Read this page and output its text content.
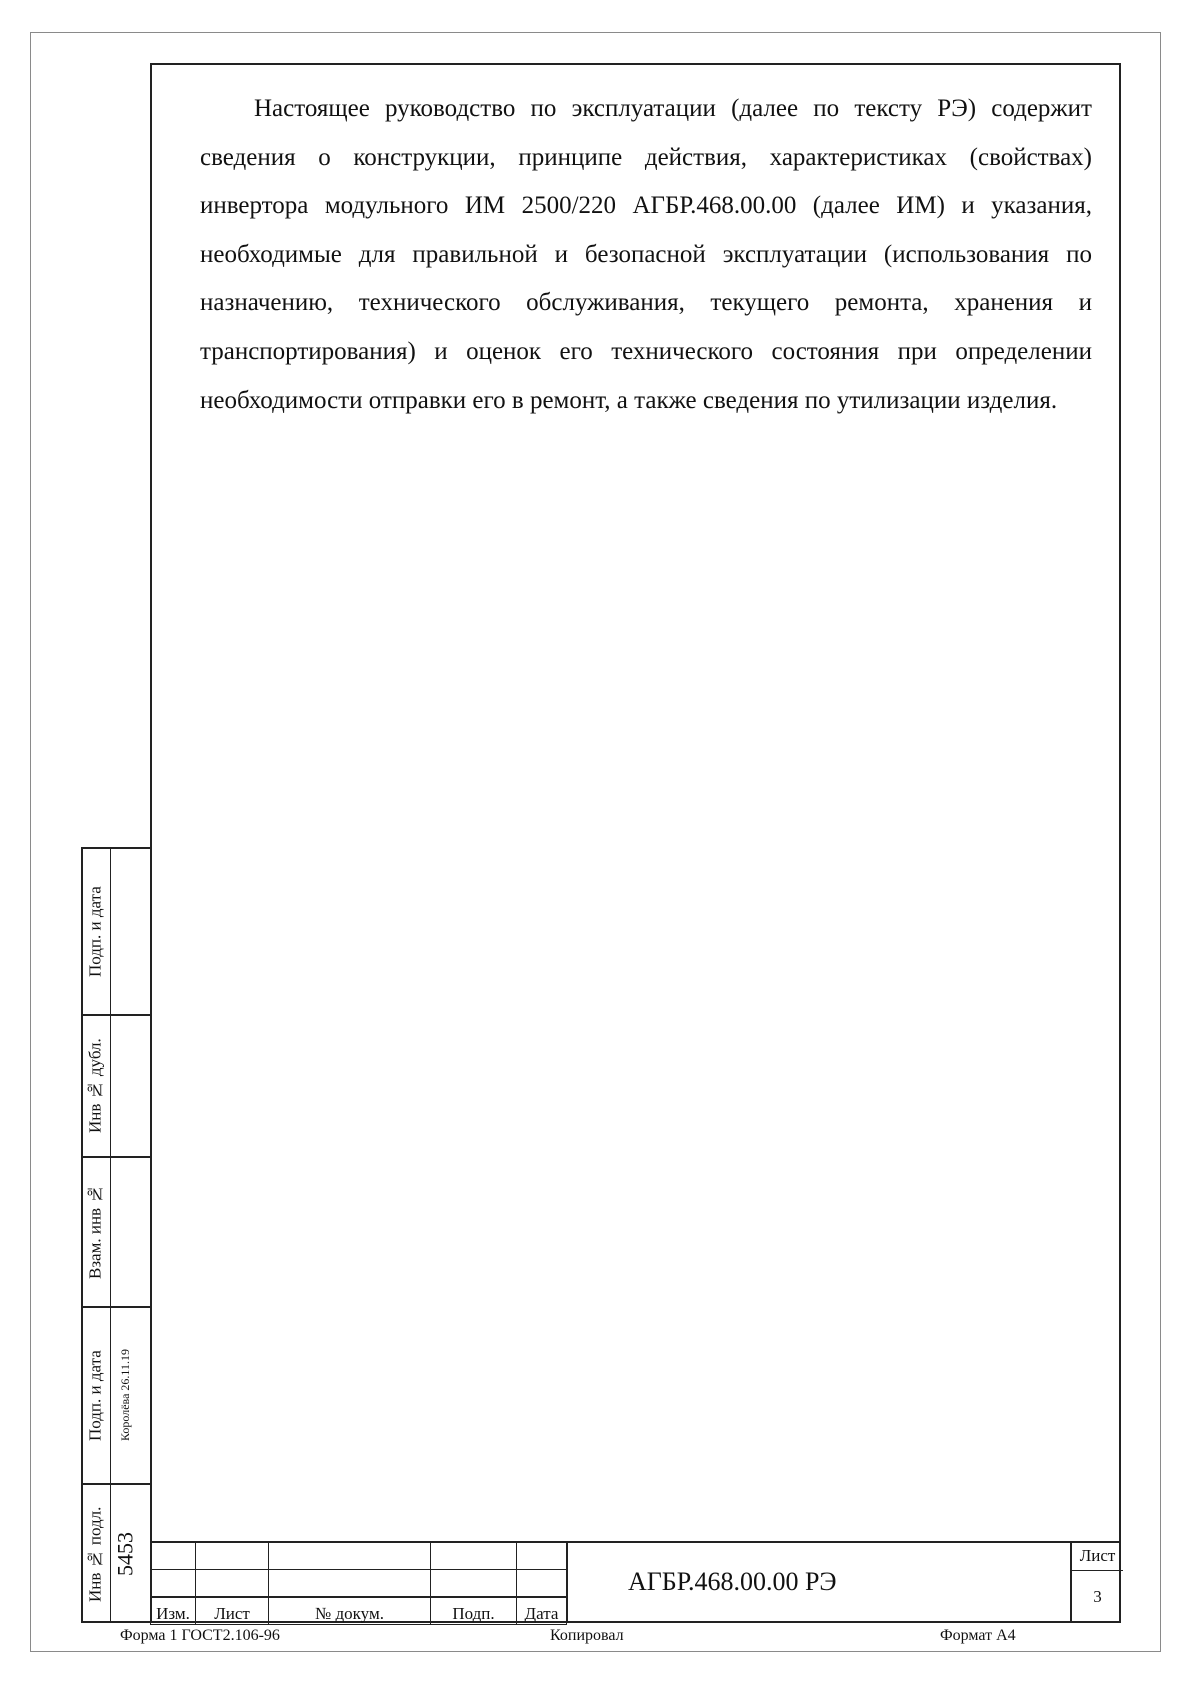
Настоящее руководство по эксплуатации (далее по тексту РЭ) содержит сведения о конструкции, принципе действия, характеристиках (свойствах) инвертора модульного ИМ 2500/220 АГБР.468.00.00 (далее ИМ) и указания, необходимые для правильной и безопасной эксплуатации (использования по назначению, технического обслуживания, текущего ремонта, хранения и транспортирования) и оценок его технического состояния при определении необходимости отправки его в ремонт, а также сведения по утилизации изделия.

Подп. и дата
Инв № дубл.
Взам. инв №
Подп. и дата	Королёва 26.11.19
Инв № подл. 5453

Изм.	Лист	№ докум.	Подп.	Дата
АГБР.468.00.00 РЭ
Лист
3
Форма 1 ГОСТ2.106-96	Копировал	Формат А4
